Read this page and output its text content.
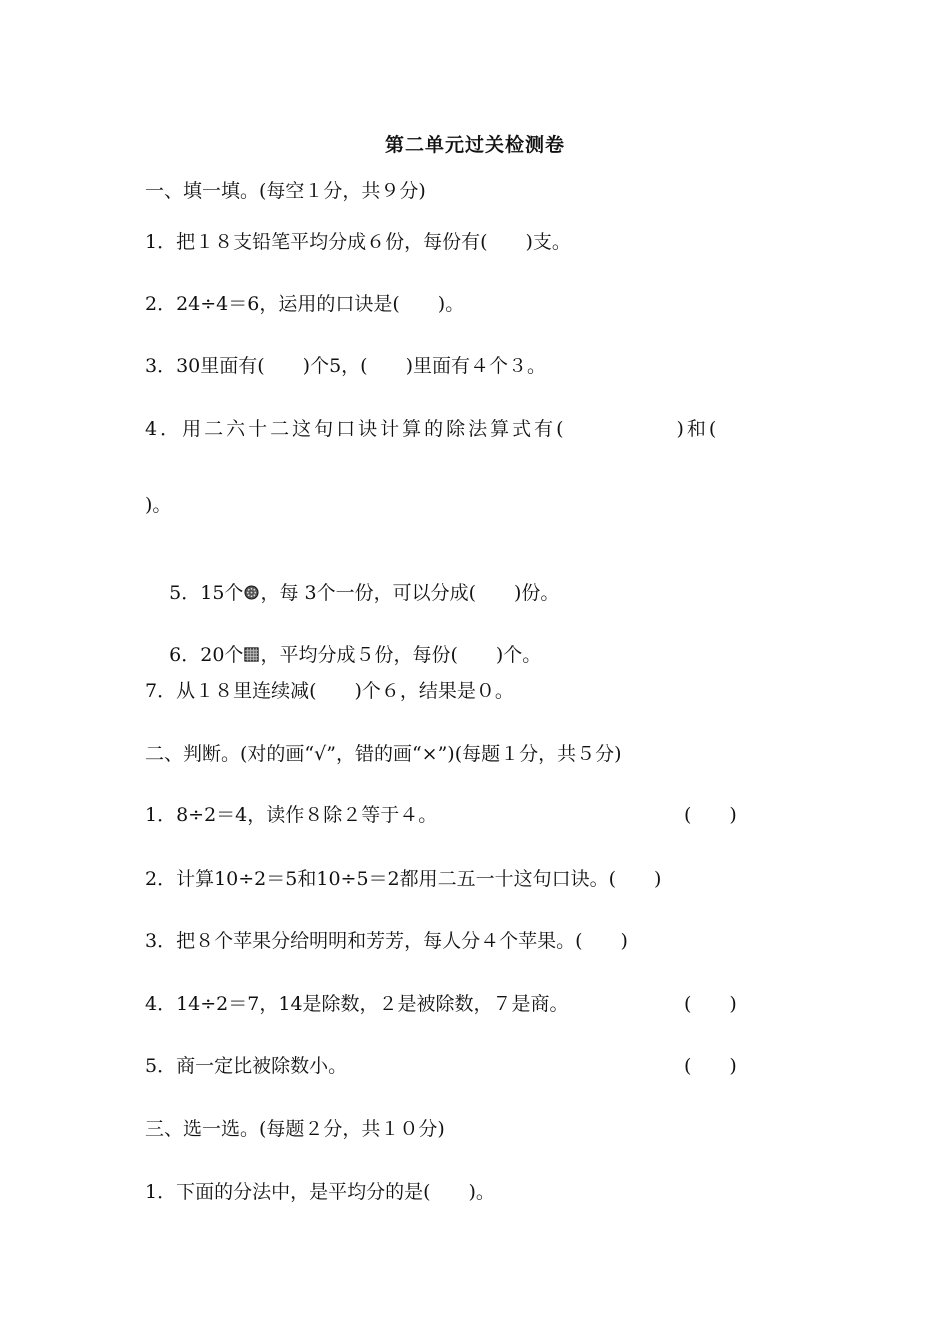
第二单元过关检测卷
一、填一填。(每空１分，共９分)
1．把１８支铅笔平均分成６份，每份有(　　)支。
2．24÷4＝6，运用的口诀是(　　)。
3．30里面有(　　)个5，(　　)里面有４个３。
4．用二六十二这句口诀计算的除法算式有(　　　　　)和(
)。

5．15个 ，每 3个一份，可以分成(　　)份。

6．20个 ，平均分成５份，每份(　　)个。

7．从１８里连续减(　　)个６，结果是０。
二、判断。(对的画“√”，错的画“×”)(每题１分，共５分)
1．8÷2＝4，读作８除２等于４。	(　　)
2．计算10÷2＝5和10÷5＝2都用二五一十这句口诀。(　　)
3．把８个苹果分给明明和芳芳，每人分４个苹果。(　　)
4．14÷2＝7，14是除数，２是被除数，７是商。	(　　)
5．商一定比被除数小。	(　　)
三、选一选。(每题２分，共１０分)
1．下面的分法中，是平均分的是(　　)。
